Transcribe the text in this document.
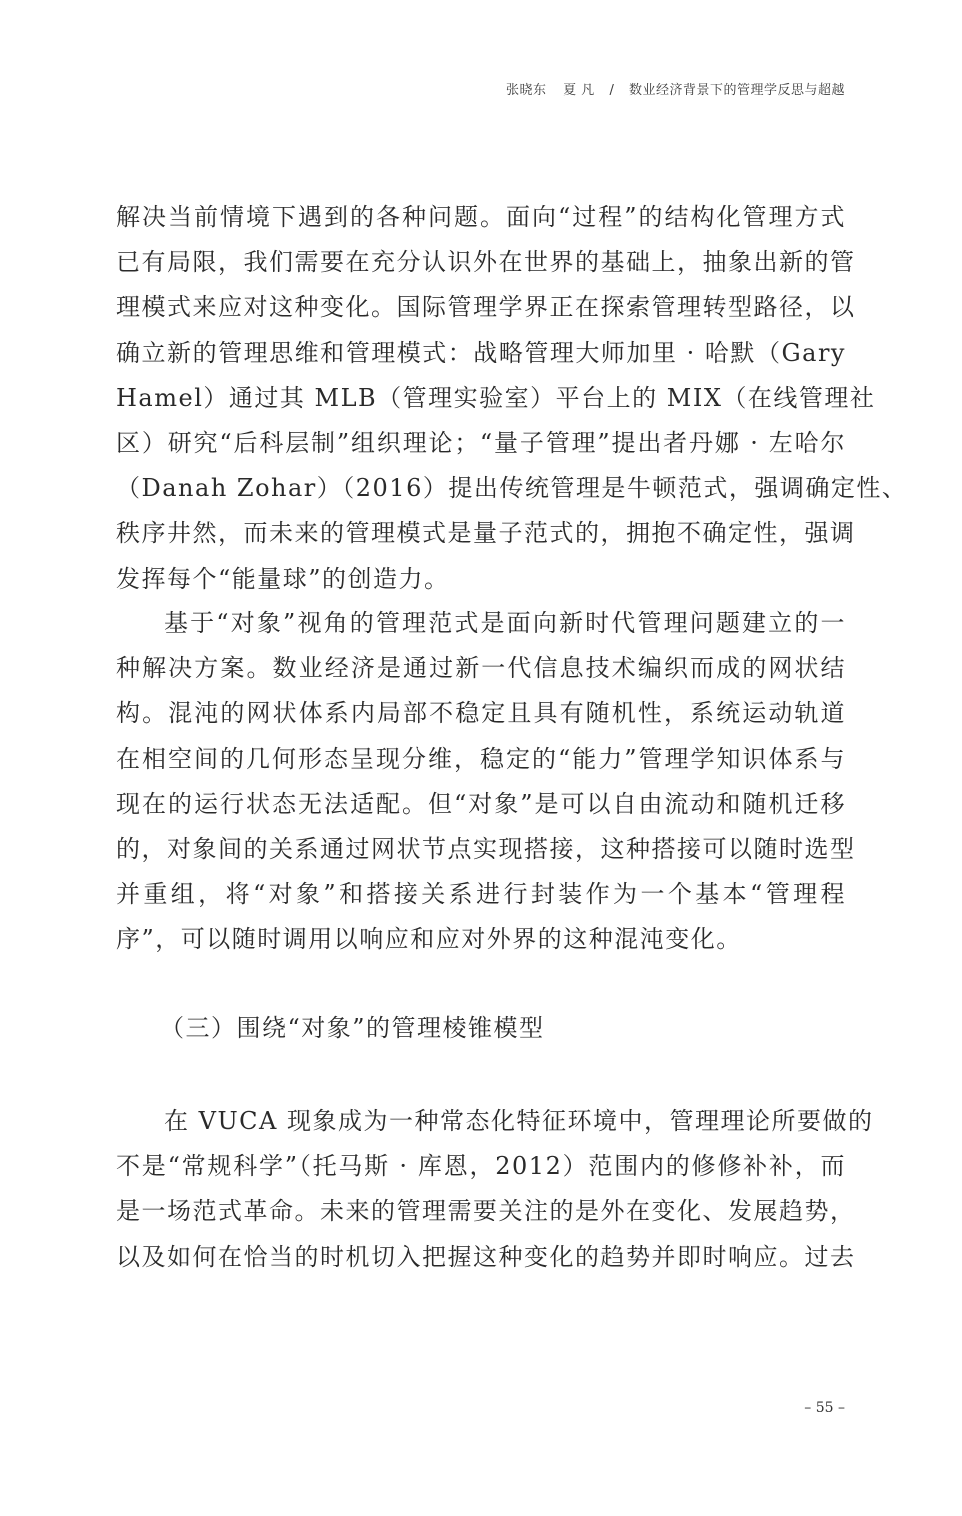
张晓东 夏 凡 / 数业经济背景下的管理学反思与超越
解决当前情境下遇到的各种问题。面向“过程”的结构化管理方式
已有局限，我们需要在充分认识外在世界的基础上，抽象出新的管
理模式来应对这种变化。国际管理学界正在探索管理转型路径，以
确立新的管理思维和管理模式：战略管理大师加里 · 哈默（Gary
Hamel）通过其 MLB（管理实验室）平台上的 MIX（在线管理社
区）研究“后科层制”组织理论；“量子管理”提出者丹娜 · 左哈尔
（Danah Zohar）（2016）提出传统管理是牛顿范式，强调确定性、
秩序井然，而未来的管理模式是量子范式的，拥抱不确定性，强调
发挥每个“能量球”的创造力。
基于“对象”视角的管理范式是面向新时代管理问题建立的一
种解决方案。数业经济是通过新一代信息技术编织而成的网状结
构。混沌的网状体系内局部不稳定且具有随机性，系统运动轨道
在相空间的几何形态呈现分维，稳定的“能力”管理学知识体系与
现在的运行状态无法适配。但“对象”是可以自由流动和随机迁移
的，对象间的关系通过网状节点实现搭接，这种搭接可以随时选型
并重组，将“对象”和搭接关系进行封装作为一个基本“管理程
序”，可以随时调用以响应和应对外界的这种混沌变化。
（三）围绕“对象”的管理棱锥模型
在 VUCA 现象成为一种常态化特征环境中，管理理论所要做的
不是“常规科学”（托马斯 · 库恩，2012）范围内的修修补补，而
是一场范式革命。未来的管理需要关注的是外在变化、发展趋势，
以及如何在恰当的时机切入把握这种变化的趋势并即时响应。过去
– 55 –
